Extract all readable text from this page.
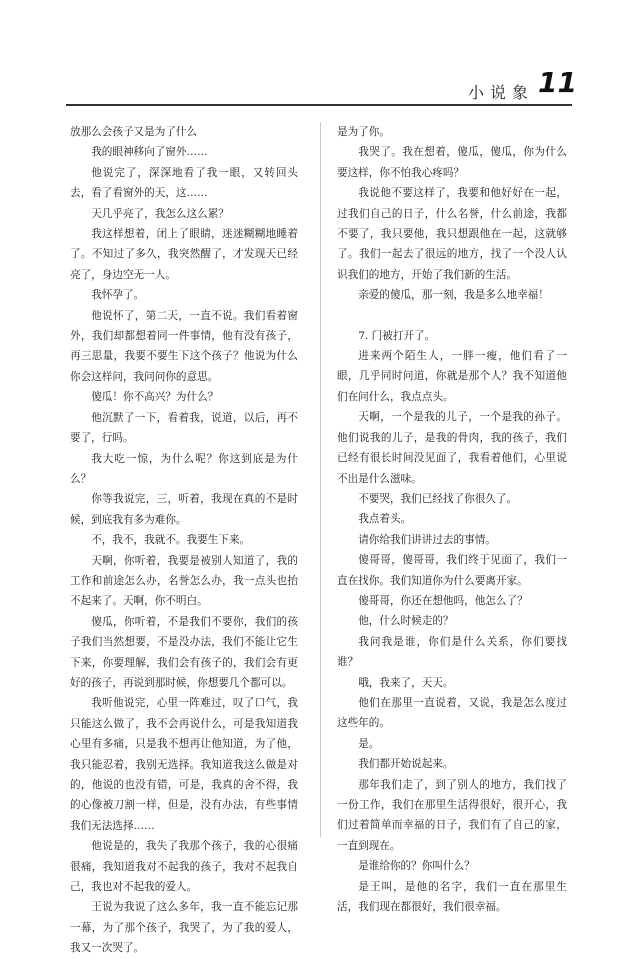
小说象 11

放那么会孩子又是为了什么

我的眼神移向了窗外……

他说完了，深深地看了我一眼，又转回头去，看了看窗外的天，这……

天几乎亮了，我怎么这么累？

我这样想着，闭上了眼睛，迷迷糊糊地睡着了。不知过了多久，我突然醒了，才发现天已经亮了，身边空无一人。

我怀孕了。

他说怀了，第二天，一直不说。我们看着窗外，我们却都想着同一件事情，他有没有孩子，再三思量，我要不要生下这个孩子？他说为什么你会这样问，我问问你的意思。

傻瓜！你不高兴？为什么？

他沉默了一下，看着我，说道，以后，再不要了，行吗。

我大吃一惊，为什么呢？你这到底是为什么？

你等我说完，三，听着，我现在真的不是时候，到底我有多为难你。

不，我不，我就不。我要生下来。

天啊，你听着，我要是被别人知道了，我的工作和前途怎么办，名誉怎么办，我一点头也抬不起来了。天啊，你不明白。

傻瓜，你听着，不是我们不要你，我们的孩子我们当然想要，不是没办法，我们不能让它生下来，你要理解，我们会有孩子的，我们会有更好的孩子，再说到那时候，你想要几个都可以。

我听他说完，心里一阵难过，叹了口气，我只能这么做了，我不会再说什么，可是我知道我心里有多痛，只是我不想再让他知道，为了他，我只能忍着，我别无选择。我知道我这么做是对的，他说的也没有错，可是，我真的舍不得，我的心像被刀割一样，但是，没有办法，有些事情我们无法选择……

他说是的，我失了我那个孩子，我的心很痛很痛，我知道我对不起我的孩子，我对不起我自己，我也对不起我的爱人。

王说为我说了这么多年，我一直不能忘记那一幕，为了那个孩子，我哭了，为了我的爱人，我又一次哭了。

是为了你。

我哭了。我在想着，傻瓜，傻瓜，你为什么要这样，你不怕我心疼吗？

我说他不要这样了，我要和他好好在一起，过我们自己的日子，什么名誉，什么前途，我都不要了，我只要他，我只想跟他在一起，这就够了。我们一起去了很远的地方，找了一个没人认识我们的地方，开始了我们新的生活。

亲爱的傻瓜，那一刻，我是多么地幸福！

7. 门被打开了。

进来两个陌生人，一胖一瘦，他们看了一眼，几乎同时问道，你就是那个人？我不知道他们在问什么，我点点头。

天啊，一个是我的儿子，一个是我的孙子。他们说我的儿子，是我的骨肉，我的孩子，我们已经有很长时间没见面了，我看着他们，心里说不出是什么滋味。

不要哭，我们已经找了你很久了。

我点着头。

请你给我们讲讲过去的事情。

傻哥哥，傻哥哥，我们终于见面了，我们一直在找你。我们知道你为什么要离开家。

傻哥哥，你还在想他吗，他怎么了？

他，什么时候走的？

我问我是谁，你们是什么关系，你们要找谁？

哦，我来了，天天。

他们在那里一直说着，又说，我是怎么度过这些年的。

是。

我们都开始说起来。

那年我们走了，到了别人的地方，我们找了一份工作，我们在那里生活得很好，很开心，我们过着简单而幸福的日子，我们有了自己的家，一直到现在。

是谁给你的？你叫什么？

是王叫，是他的名字，我们一直在那里生活，我们现在都很好，我们很幸福。
